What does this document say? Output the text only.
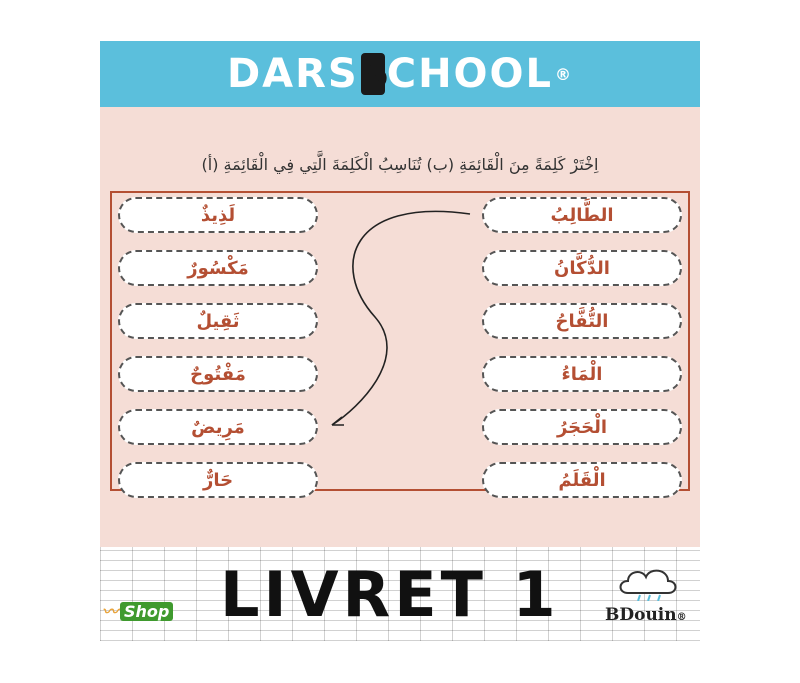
DARS
S CHOOL ®
اِخْتَرْ كَلِمَةً مِنَ الْقَائِمَةِ (ب) تُنَاسِبُ الْكَلِمَةَ الَّتِي فِي الْقَائِمَةِ (أ)
الطَّالِبُ
الدُّكَّانُ
التُّفَّاحُ
الْمَاءُ
الْحَجَرُ
الْقَلَمُ
لَذِيذٌ
مَكْسُورٌ
ثَقِيلٌ
مَفْتُوحٌ
مَرِيضٌ
حَارٌّ
〰 Shop LIVRET 1	BDouin®
